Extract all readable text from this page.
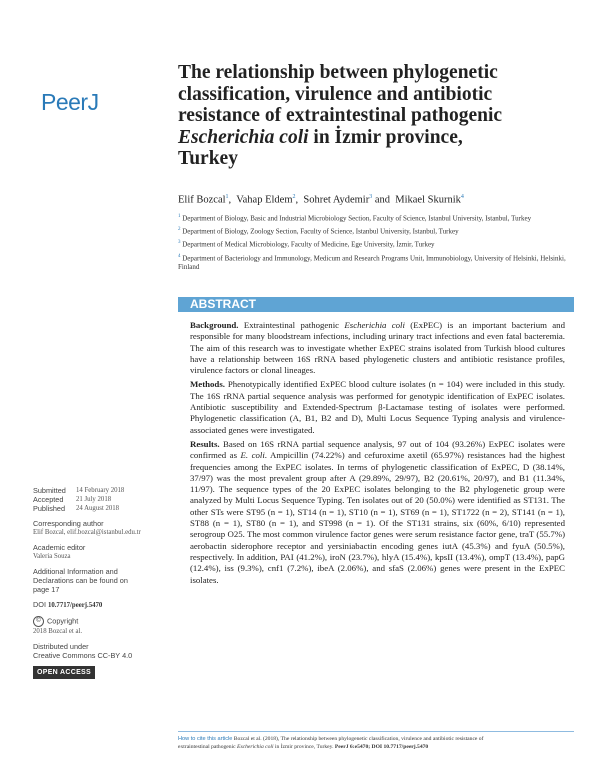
PeerJ
The relationship between phylogenetic
classification, virulence and antibiotic
resistance of extraintestinal pathogenic
Escherichia coli in İzmir province,
Turkey
Elif Bozcal$^1$,  Vahap Eldem$^2$,  Sohret Aydemir$^3$ and  Mikael Skurnik$^4$
$^1$ Department of Biology, Basic and Industrial Microbiology Section, Faculty of Science, Istanbul University, Istanbul, Turkey
$^2$ Department of Biology, Zoology Section, Faculty of Science, Istanbul University, Istanbul, Turkey
$^3$ Department of Medical Microbiology, Faculty of Medicine, Ege University, İzmir, Turkey
$^4$ Department of Bacteriology and Immunology, Medicum and Research Programs Unit, Immunobiology, University of Helsinki, Helsinki, Finland
ABSTRACT

Background. Extraintestinal pathogenic Escherichia coli (ExPEC) is an important bacterium and responsible for many bloodstream infections, including urinary tract infections and even fatal bacteremia. The aim of this research was to investigate whether ExPEC strains isolated from Turkish blood cultures have a relationship between 16S rRNA based phylogenetic clusters and antibiotic resistance profiles, virulence factors or clonal lineages.

Methods. Phenotypically identified ExPEC blood culture isolates (n = 104) were included in this study. The 16S rRNA partial sequence analysis was performed for genotypic identification of ExPEC isolates. Antibiotic susceptibility and Extended-Spectrum β-Lactamase testing of isolates were performed. Phylogenetic classification (A, B1, B2 and D), Multi Locus Sequence Typing analysis and virulence-associated genes were investigated.

Results. Based on 16S rRNA partial sequence analysis, 97 out of 104 (93.26%) ExPEC isolates were confirmed as E. coli. Ampicillin (74.22%) and cefuroxime axetil (65.97%) resistances had the highest frequencies among the ExPEC isolates. In terms of phylogenetic classification of ExPEC, D (38.14%, 37/97) was the most prevalent group after A (29.89%, 29/97), B2 (20.61%, 20/97), and B1 (11.34%, 11/97). The sequence types of the 20 ExPEC isolates belonging to the B2 phylogenetic group were analyzed by Multi Locus Sequence Typing. Ten isolates out of 20 (50.0%) were identified as ST131. The other STs were ST95 (n = 1), ST14 (n = 1), ST10 (n = 1), ST69 (n = 1), ST1722 (n = 2), ST141 (n = 1), ST88 (n = 1), ST80 (n = 1), and ST998 (n = 1). Of the ST131 strains, six (60%, 6/10) represented serogroup O25. The most common virulence factor genes were serum resistance factor gene, traT (55.7%) aerobactin siderophore receptor and yersiniabactin encoding genes iutA (45.3%) and fyuA (50.5%), respectively. In addition, PAI (41.2%), iroN (23.7%), hlyA (15.4%), kpsII (13.4%), ompT (13.4%), papG (12.4%), iss (9.3%), cnf1 (7.2%), ibeA (2.06%), and sfaS (2.06%) genes were present in the ExPEC isolates.

Submitted	14 February 2018
Accepted	21 July 2018
Published	24 August 2018
Corresponding author
Elif Bozcal, elif.bozcal@istanbul.edu.tr
Academic editor
Valeria Souza
Additional Information and
Declarations can be found on
page 17
DOI 10.7717/peerj.5470
© Copyright
2018 Bozcal et al.
Distributed under
Creative Commons CC-BY 4.0
OPEN ACCESS
How to cite this article Bozcal et al. (2018), The relationship between phylogenetic classification, virulence and antibiotic resistance of
extraintestinal pathogenic Escherichia coli in İzmir province, Turkey. PeerJ 6:e5470; DOI 10.7717/peerj.5470
